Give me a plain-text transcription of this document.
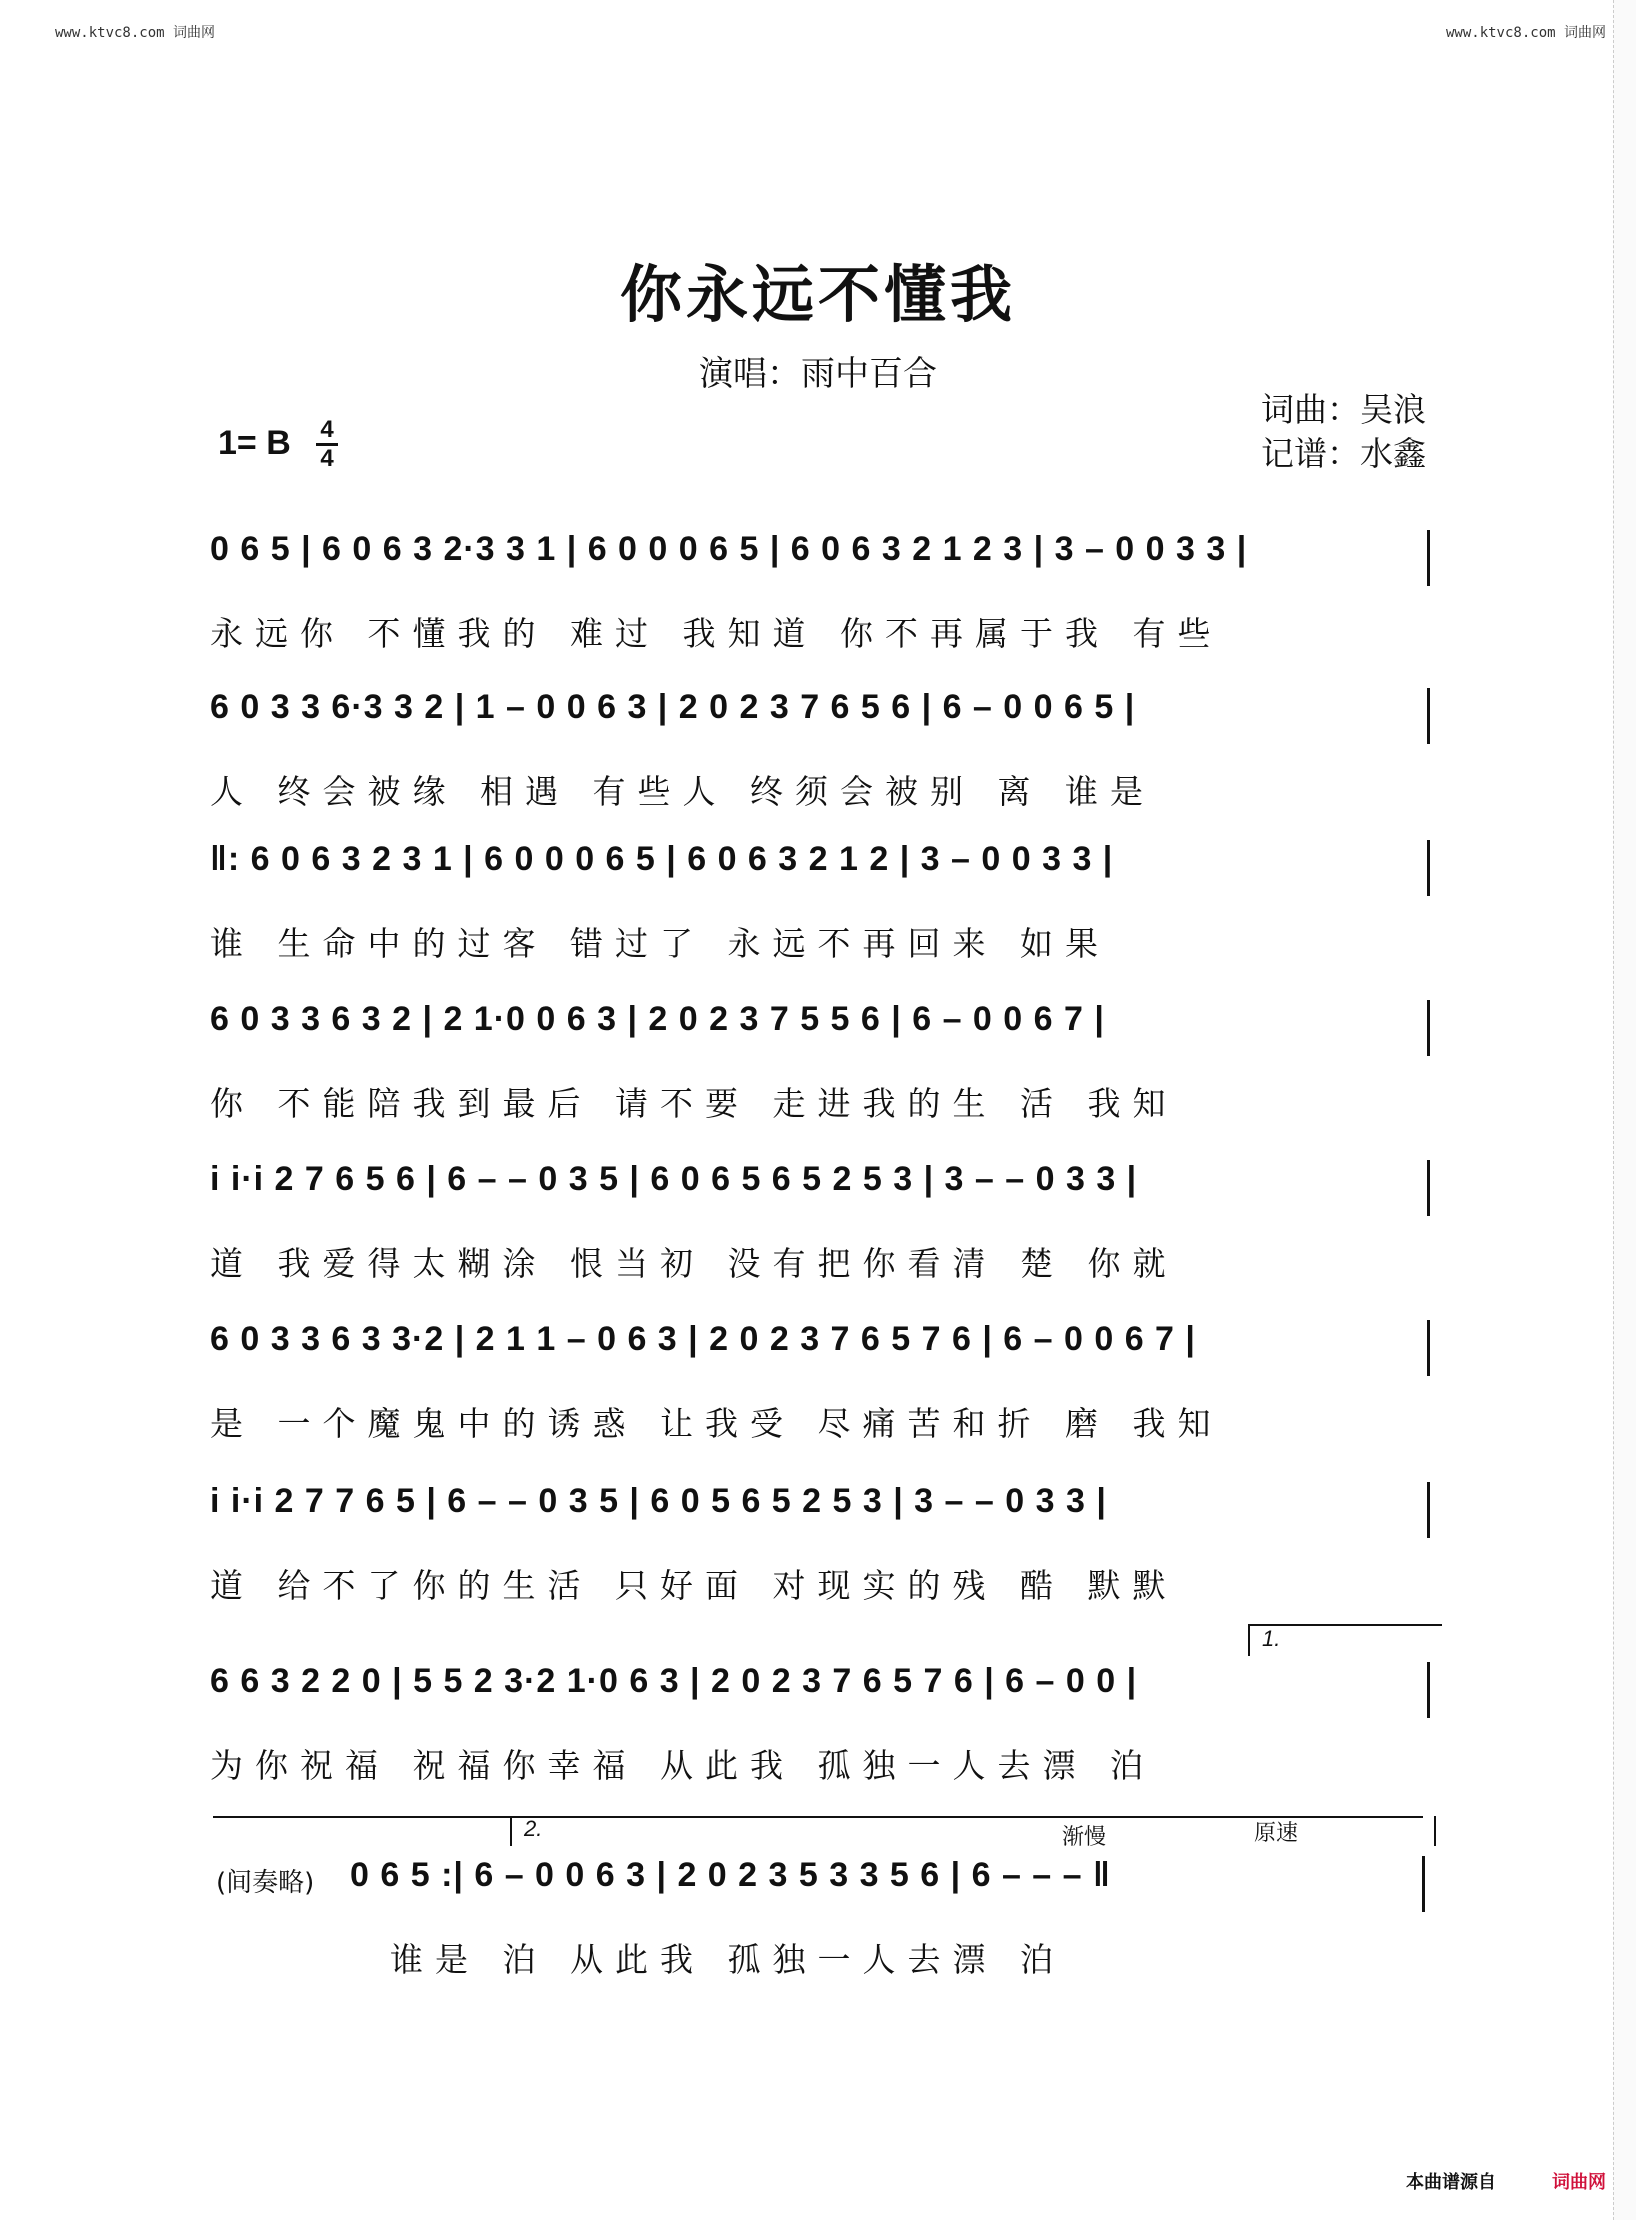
www.ktvc8.com 词曲网	www.ktvc8.com 词曲网
你永远不懂我
演唱：雨中百合
词曲：吴浪
记谱：水鑫
1= B 4
4
0 6 5 | 6 0 6 3 2·3 3 1 | 6 0 0 0 6 5 | 6 0 6 3 2 1 2 3 | 3 – 0 0 3 3 |
永远你 不懂我的 难过 我知道 你不再属于我 有些
6 0 3 3 6·3 3 2 | 1 – 0 0 6 3 | 2 0 2 3 7 6 5 6 | 6 – 0 0 6 5 |
人 终会被缘 相遇 有些人 终须会被别 离 谁是
‖: 6 0 6 3 2 3 1 | 6 0 0 0 6 5 | 6 0 6 3 2 1 2 | 3 – 0 0 3 3 |
谁 生命中的过客 错过了 永远不再回来 如果
6 0 3 3 6 3 2 | 2 1·0 0 6 3 | 2 0 2 3 7 5 5 6 | 6 – 0 0 6 7 |
你 不能陪我到最后 请不要 走进我的生 活 我知
i i·i 2 7 6 5 6 | 6 – – 0 3 5 | 6 0 6 5 6 5 2 5 3 | 3 – – 0 3 3 |
道 我爱得太糊涂 恨当初 没有把你看清 楚 你就
6 0 3 3 6 3 3·2 | 2 1 1 – 0 6 3 | 2 0 2 3 7 6 5 7 6 | 6 – 0 0 6 7 |
是 一个魔鬼中的诱惑 让我受 尽痛苦和折 磨 我知
i i·i 2 7 7 6 5 | 6 – – 0 3 5 | 6 0 5 6 5 2 5 3 | 3 – – 0 3 3 |
道 给不了你的生活 只好面 对现实的残 酷 默默
1.
6 6 3 2 2 0 | 5 5 2 3·2 1·0 6 3 | 2 0 2 3 7 6 5 7 6 | 6 – 0 0 |
为你祝福 祝福你幸福 从此我 孤独一人去漂 泊
2.	渐慢	原速
(间奏略) 0 6 5 :| 6 – 0 0 6 3 | 2 0 2 3 5 3 3 5 6 | 6 – – – ‖
谁是 泊 从此我 孤独一人去漂 泊
本曲谱源自	词曲网
